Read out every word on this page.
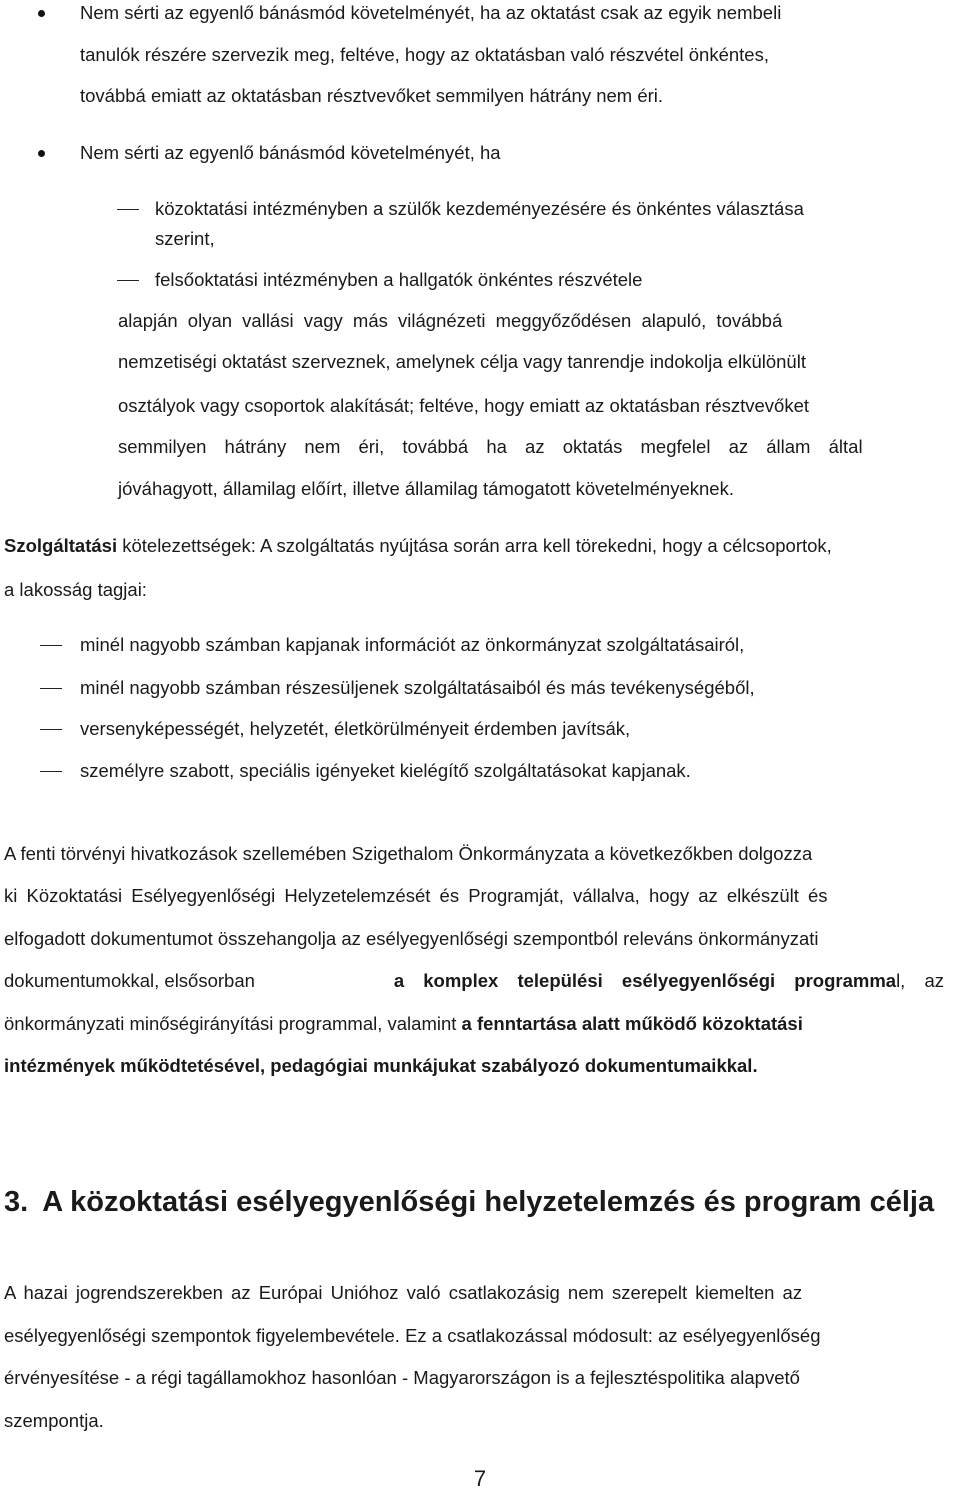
Nem sérti az egyenlő bánásmód követelményét, ha az oktatást csak az egyik nembeli
tanulók részére szervezik meg, feltéve, hogy az oktatásban való részvétel önkéntes,
továbbá emiatt az oktatásban résztvevőket semmilyen hátrány nem éri.
Nem sérti az egyenlő bánásmód követelményét, ha
közoktatási intézményben a szülők kezdeményezésére és önkéntes választása
szerint,
felsőoktatási intézményben a hallgatók önkéntes részvétele
alapján olyan vallási vagy más világnézeti meggyőződésen alapuló, továbbá
nemzetiségi oktatást szerveznek, amelynek célja vagy tanrendje indokolja elkülönült
osztályok vagy csoportok alakítását; feltéve, hogy emiatt az oktatásban résztvevőket
semmilyen hátrány nem éri, továbbá ha az oktatás megfelel az állam által
jóváhagyott, államilag előírt, illetve államilag támogatott követelményeknek.
Szolgáltatási kötelezettségek: A szolgáltatás nyújtása során arra kell törekedni, hogy a célcsoportok,
a lakosság tagjai:
minél nagyobb számban kapjanak információt az önkormányzat szolgáltatásairól,
minél nagyobb számban részesüljenek szolgáltatásaiból és más tevékenységéből,
versenyképességét, helyzetét, életkörülményeit érdemben javítsák,
személyre szabott, speciális igényeket kielégítő szolgáltatásokat kapjanak.
A fenti törvényi hivatkozások szellemében Szigethalom Önkormányzata a következőkben dolgozza
ki Közoktatási Esélyegyenlőségi Helyzetelemzését és Programját, vállalva, hogy az elkészült és
elfogadott dokumentumot összehangolja az esélyegyenlőségi szempontból releváns önkormányzati
dokumentumokkal, elsősorban	a komplex települési esélyegyenlőségi programmal, az
önkormányzati minőségirányítási programmal, valamint a fenntartása alatt működő közoktatási
intézmények működtetésével, pedagógiai munkájukat szabályozó dokumentumaikkal.
3. A közoktatási esélyegyenlőségi helyzetelemzés és program célja
A hazai jogrendszerekben az Európai Unióhoz való csatlakozásig nem szerepelt kiemelten az
esélyegyenlőségi szempontok figyelembevétele. Ez a csatlakozással módosult: az esélyegyenlőség
érvényesítése - a régi tagállamokhoz hasonlóan - Magyarországon is a fejlesztéspolitika alapvető
szempontja.
7
